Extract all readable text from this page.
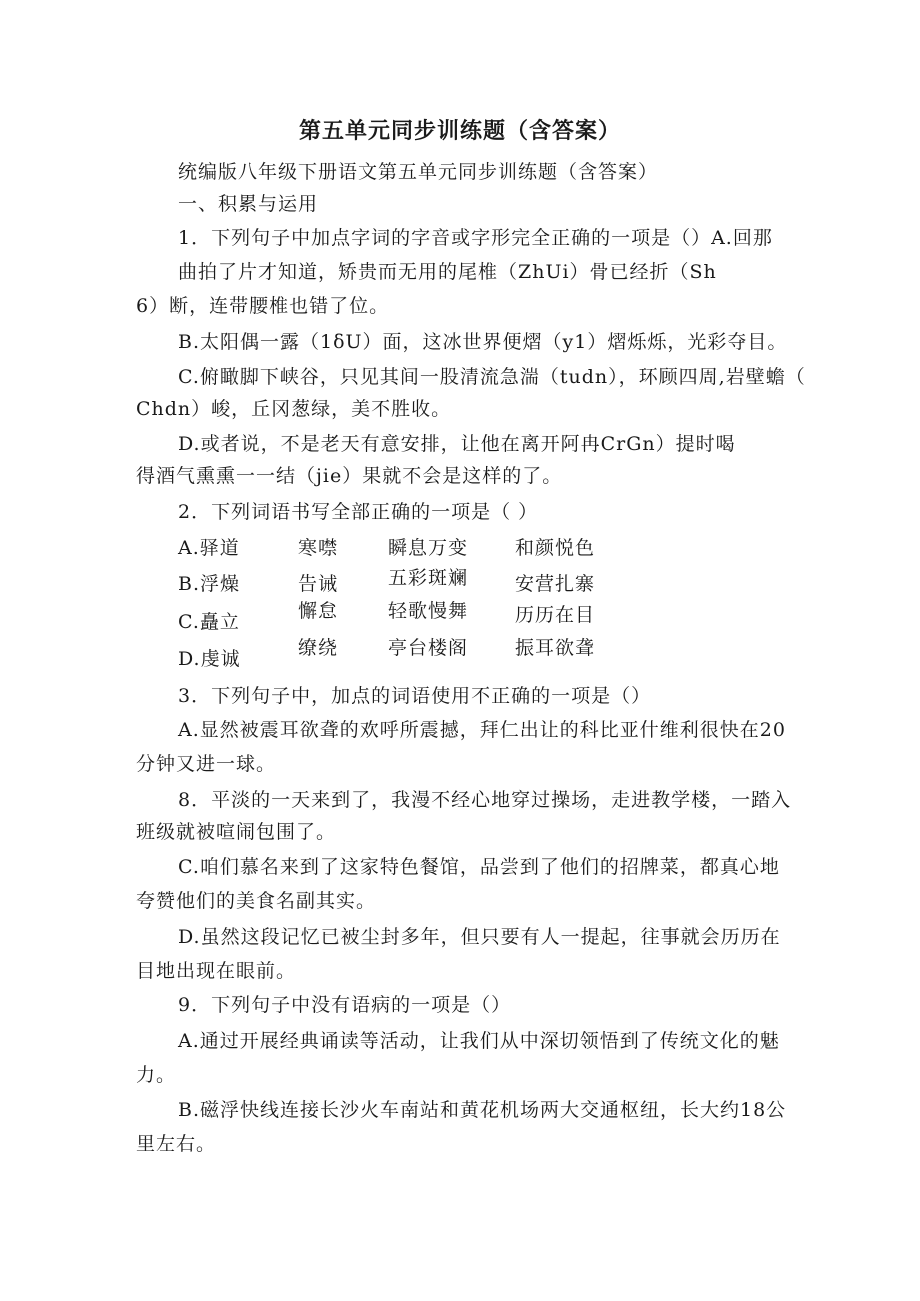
第五单元同步训练题（含答案）
统编版八年级下册语文第五单元同步训练题（含答案）
一、积累与运用
1．下列句子中加点字词的字音或字形完全正确的一项是（）A.回那
曲拍了片才知道，矫贵而无用的尾椎（ZhUi）骨已经折（Sh
6）断，连带腰椎也错了位。
B.太阳偶一露（1δU）面，这冰世界便熠（y1）熠烁烁，光彩夺目。
C.俯瞰脚下峡谷，只见其间一股清流急湍（tudn），环顾四周,岩壁蟾（
Chdn）峻，丘冈葱绿，美不胜收。
D.或者说，不是老天有意安排，让他在离开阿冉CrGn）提时喝
得酒气熏熏一一结（jie）果就不会是这样的了。
2．下列词语书写全部正确的一项是（ ）
A.驿道	寒噤	瞬息万变 和颜悦色
B.浮燥	告诫	五彩斑斓 安营扎寨
C.矗立	懈怠	轻歌慢舞 历历在目
D.虔诚	缭绕	亭台楼阁 振耳欲聋
3．下列句子中，加点的词语使用不正确的一项是（）
A.显然被震耳欲聋的欢呼所震撼，拜仁出让的科比亚什维利很快在20
分钟又进一球。
8．平淡的一天来到了，我漫不经心地穿过操场，走进教学楼，一踏入
班级就被喧闹包围了。
C.咱们慕名来到了这家特色餐馆，品尝到了他们的招牌菜，都真心地
夸赞他们的美食名副其实。
D.虽然这段记忆已被尘封多年，但只要有人一提起，往事就会历历在
目地出现在眼前。
9．下列句子中没有语病的一项是（）
A.通过开展经典诵读等活动，让我们从中深切领悟到了传统文化的魅
力。
B.磁浮快线连接长沙火车南站和黄花机场两大交通枢纽，长大约18公
里左右。
